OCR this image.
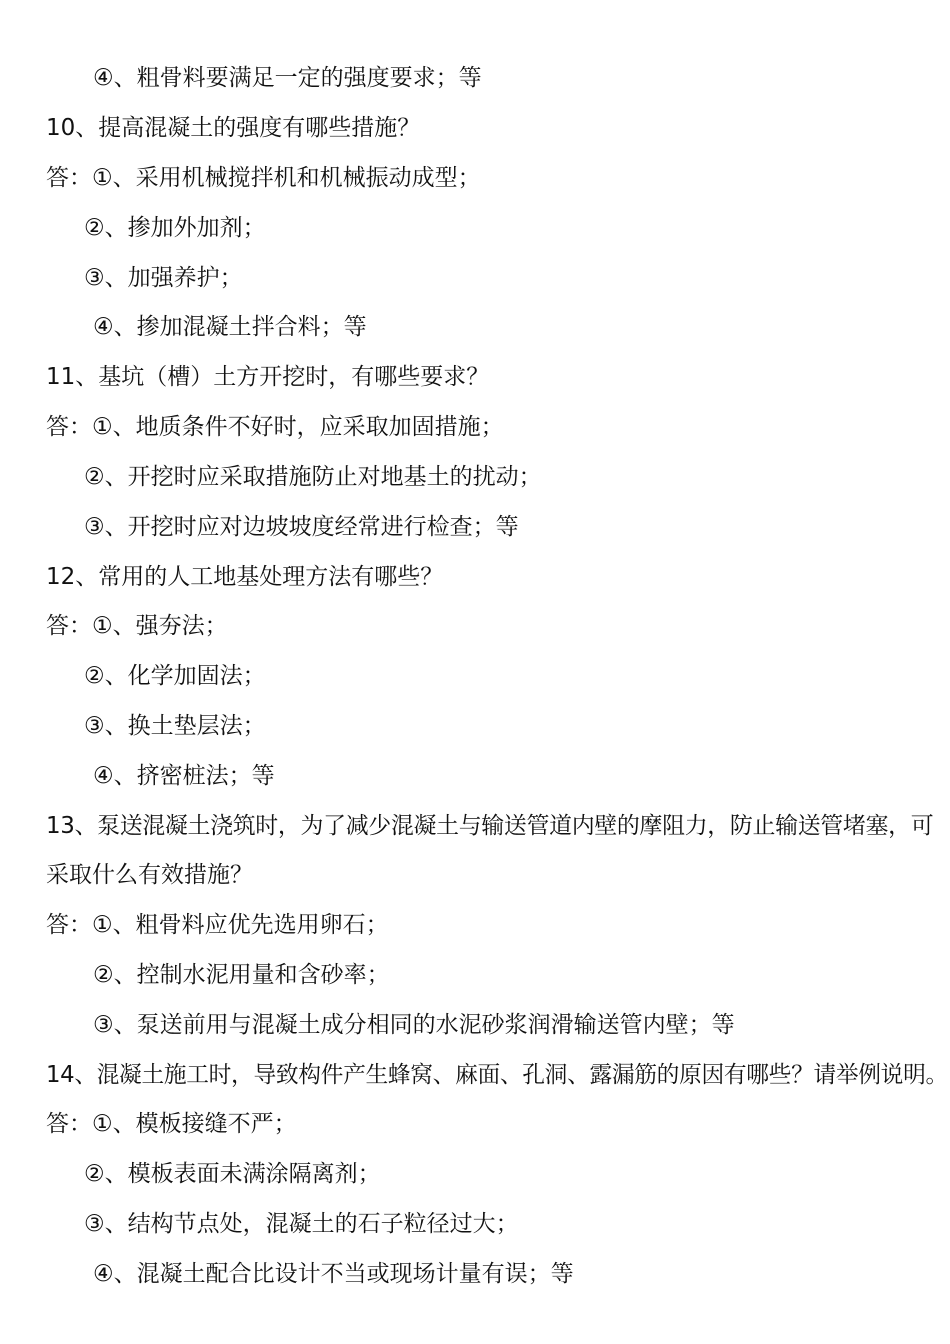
④、粗骨料要满足一定的强度要求；等
10、提高混凝土的强度有哪些措施？
答：①、采用机械搅拌机和机械振动成型；
②、掺加外加剂；
③、加强养护；
④、掺加混凝土拌合料；等
11、基坑（槽）土方开挖时，有哪些要求？
答：①、地质条件不好时，应采取加固措施；
②、开挖时应采取措施防止对地基土的扰动；
③、开挖时应对边坡坡度经常进行检查；等
12、常用的人工地基处理方法有哪些？
答：①、强夯法；
②、化学加固法；
③、换土垫层法；
④、挤密桩法；等
13、泵送混凝土浇筑时，为了减少混凝土与输送管道内壁的摩阻力，防止输送管堵塞，可
采取什么有效措施？
答：①、粗骨料应优先选用卵石；
②、控制水泥用量和含砂率；
③、泵送前用与混凝土成分相同的水泥砂浆润滑输送管内壁；等
14、混凝土施工时，导致构件产生蜂窝、麻面、孔洞、露漏筋的原因有哪些？请举例说明。
答：①、模板接缝不严；
②、模板表面未满涂隔离剂；
③、结构节点处，混凝土的石子粒径过大；
④、混凝土配合比设计不当或现场计量有误；等
